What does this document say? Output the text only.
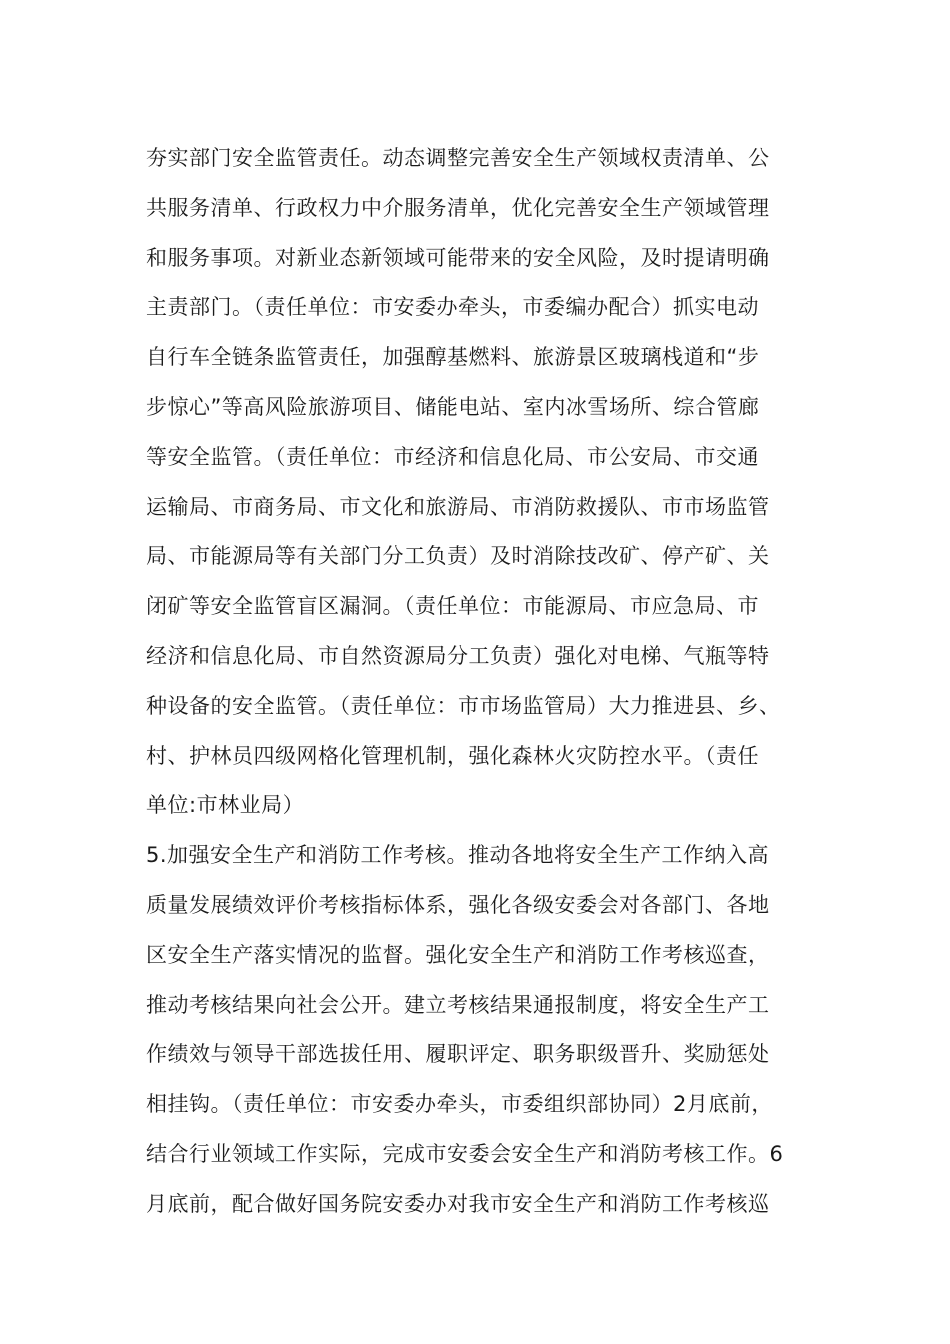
夯实部门安全监管责任。动态调整完善安全生产领域权责清单、公
共服务清单、行政权力中介服务清单，优化完善安全生产领域管理
和服务事项。对新业态新领域可能带来的安全风险，及时提请明确
主责部门。（责任单位：市安委办牵头，市委编办配合）抓实电动
自行车全链条监管责任，加强醇基燃料、旅游景区玻璃栈道和“步
步惊心”等高风险旅游项目、储能电站、室内冰雪场所、综合管廊
等安全监管。（责任单位：市经济和信息化局、市公安局、市交通
运输局、市商务局、市文化和旅游局、市消防救援队、市市场监管
局、市能源局等有关部门分工负责）及时消除技改矿、停产矿、关
闭矿等安全监管盲区漏洞。（责任单位：市能源局、市应急局、市
经济和信息化局、市自然资源局分工负责）强化对电梯、气瓶等特
种设备的安全监管。（责任单位：市市场监管局）大力推进县、乡、
村、护林员四级网格化管理机制，强化森林火灾防控水平。（责任
单位:市林业局）
5.加强安全生产和消防工作考核。推动各地将安全生产工作纳入高
质量发展绩效评价考核指标体系，强化各级安委会对各部门、各地
区安全生产落实情况的监督。强化安全生产和消防工作考核巡查，
推动考核结果向社会公开。建立考核结果通报制度，将安全生产工
作绩效与领导干部选拔任用、履职评定、职务职级晋升、奖励惩处
相挂钩。（责任单位：市安委办牵头，市委组织部协同）2月底前，
结合行业领域工作实际，完成市安委会安全生产和消防考核工作。6
月底前，配合做好国务院安委办对我市安全生产和消防工作考核巡
